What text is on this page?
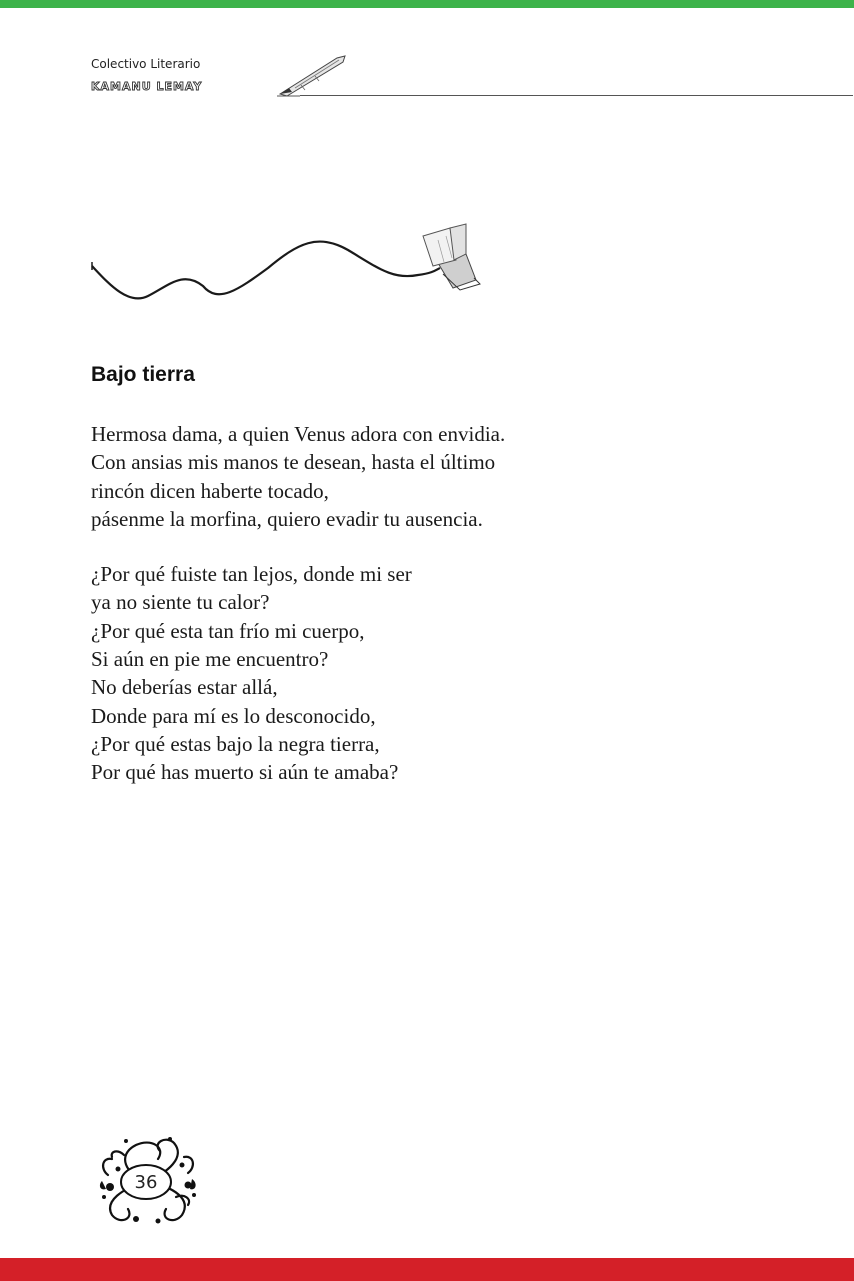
Colectivo Literario
KAMANU LEMAY
Bajo tierra
Hermosa dama, a quien Venus adora con envidia.
Con ansias mis manos te desean, hasta el último
rincón dicen haberte tocado,
pásenme la morfina, quiero evadir tu ausencia.
¿Por qué fuiste tan lejos, donde mi ser
ya no siente tu calor?
¿Por qué esta tan frío mi cuerpo,
Si aún en pie me encuentro?
No deberías estar allá,
Donde para mí es lo desconocido,
¿Por qué estas bajo la negra tierra,
Por qué has muerto si aún te amaba?
36
